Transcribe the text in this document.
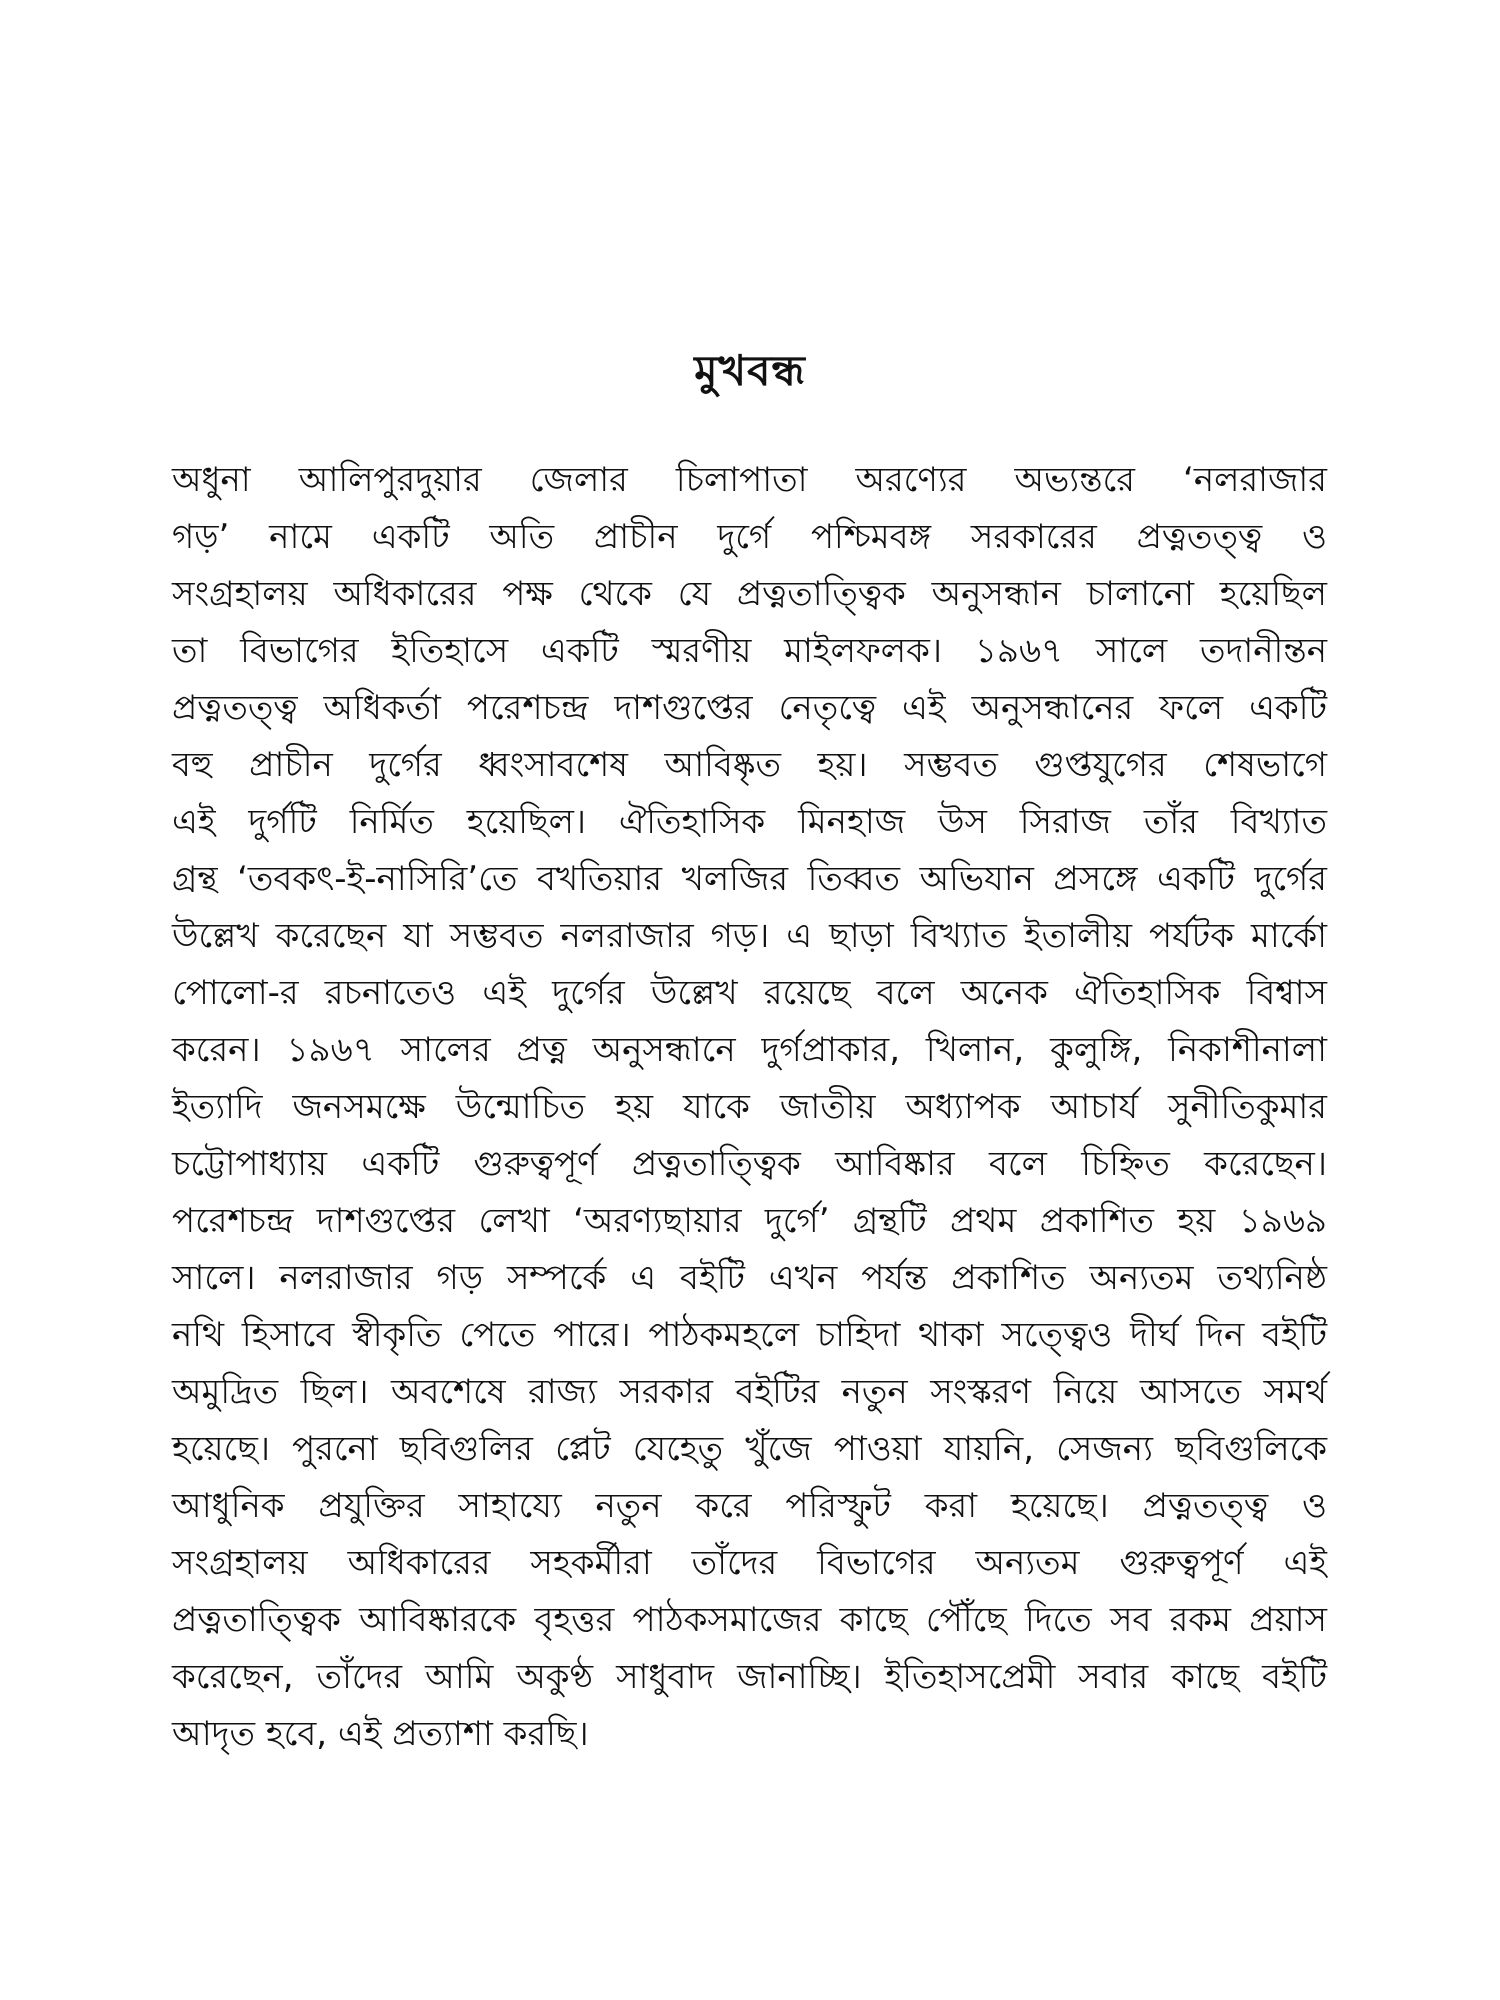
মুখবন্ধ
অধুনা আলিপুরদুয়ার জেলার চিলাপাতা অরণ্যের অভ্যন্তরে ‘নলরাজার
গড়’ নামে একটি অতি প্রাচীন দুর্গে পশ্চিমবঙ্গ সরকারের প্রত্নতত্ত্ব ও
সংগ্রহালয় অধিকারের পক্ষ থেকে যে প্রত্নতাত্ত্বিক অনুসন্ধান চালানো হয়েছিল
তা বিভাগের ইতিহাসে একটি স্মরণীয় মাইলফলক। ১৯৬৭ সালে তদানীন্তন
প্রত্নতত্ত্ব অধিকর্তা পরেশচন্দ্র দাশগুপ্তের নেতৃত্বে এই অনুসন্ধানের ফলে একটি
বহু প্রাচীন দুর্গের ধ্বংসাবশেষ আবিষ্কৃত হয়। সম্ভবত গুপ্তযুগের শেষভাগে
এই দুর্গটি নির্মিত হয়েছিল। ঐতিহাসিক মিনহাজ উস সিরাজ তাঁর বিখ্যাত
গ্রন্থ ‘তবকৎ-ই-নাসিরি’তে বখতিয়ার খলজির তিব্বত অভিযান প্রসঙ্গে একটি দুর্গের
উল্লেখ করেছেন যা সম্ভবত নলরাজার গড়। এ ছাড়া বিখ্যাত ইতালীয় পর্যটক মার্কো
পোলো-র রচনাতেও এই দুর্গের উল্লেখ রয়েছে বলে অনেক ঐতিহাসিক বিশ্বাস
করেন। ১৯৬৭ সালের প্রত্ন অনুসন্ধানে দুর্গপ্রাকার, খিলান, কুলুঙ্গি, নিকাশীনালা
ইত্যাদি জনসমক্ষে উন্মোচিত হয় যাকে জাতীয় অধ্যাপক আচার্য সুনীতিকুমার
চট্টোপাধ্যায় একটি গুরুত্বপূর্ণ প্রত্নতাত্ত্বিক আবিষ্কার বলে চিহ্নিত করেছেন।
পরেশচন্দ্র দাশগুপ্তের লেখা ‘অরণ্যছায়ার দুর্গে’ গ্রন্থটি প্রথম প্রকাশিত হয় ১৯৬৯
সালে। নলরাজার গড় সম্পর্কে এ বইটি এখন পর্যন্ত প্রকাশিত অন্যতম তথ্যনিষ্ঠ
নথি হিসাবে স্বীকৃতি পেতে পারে। পাঠকমহলে চাহিদা থাকা সত্ত্বেও দীর্ঘ দিন বইটি
অমুদ্রিত ছিল। অবশেষে রাজ্য সরকার বইটির নতুন সংস্করণ নিয়ে আসতে সমর্থ
হয়েছে। পুরনো ছবিগুলির প্লেট যেহেতু খুঁজে পাওয়া যায়নি, সেজন্য ছবিগুলিকে
আধুনিক প্রযুক্তির সাহায্যে নতুন করে পরিস্ফুট করা হয়েছে। প্রত্নতত্ত্ব ও
সংগ্রহালয় অধিকারের সহকর্মীরা তাঁদের বিভাগের অন্যতম গুরুত্বপূর্ণ এই
প্রত্নতাত্ত্বিক আবিষ্কারকে বৃহত্তর পাঠকসমাজের কাছে পৌঁছে দিতে সব রকম প্রয়াস
করেছেন, তাঁদের আমি অকুণ্ঠ সাধুবাদ জানাচ্ছি। ইতিহাসপ্রেমী সবার কাছে বইটি
আদৃত হবে, এই প্রত্যাশা করছি।
